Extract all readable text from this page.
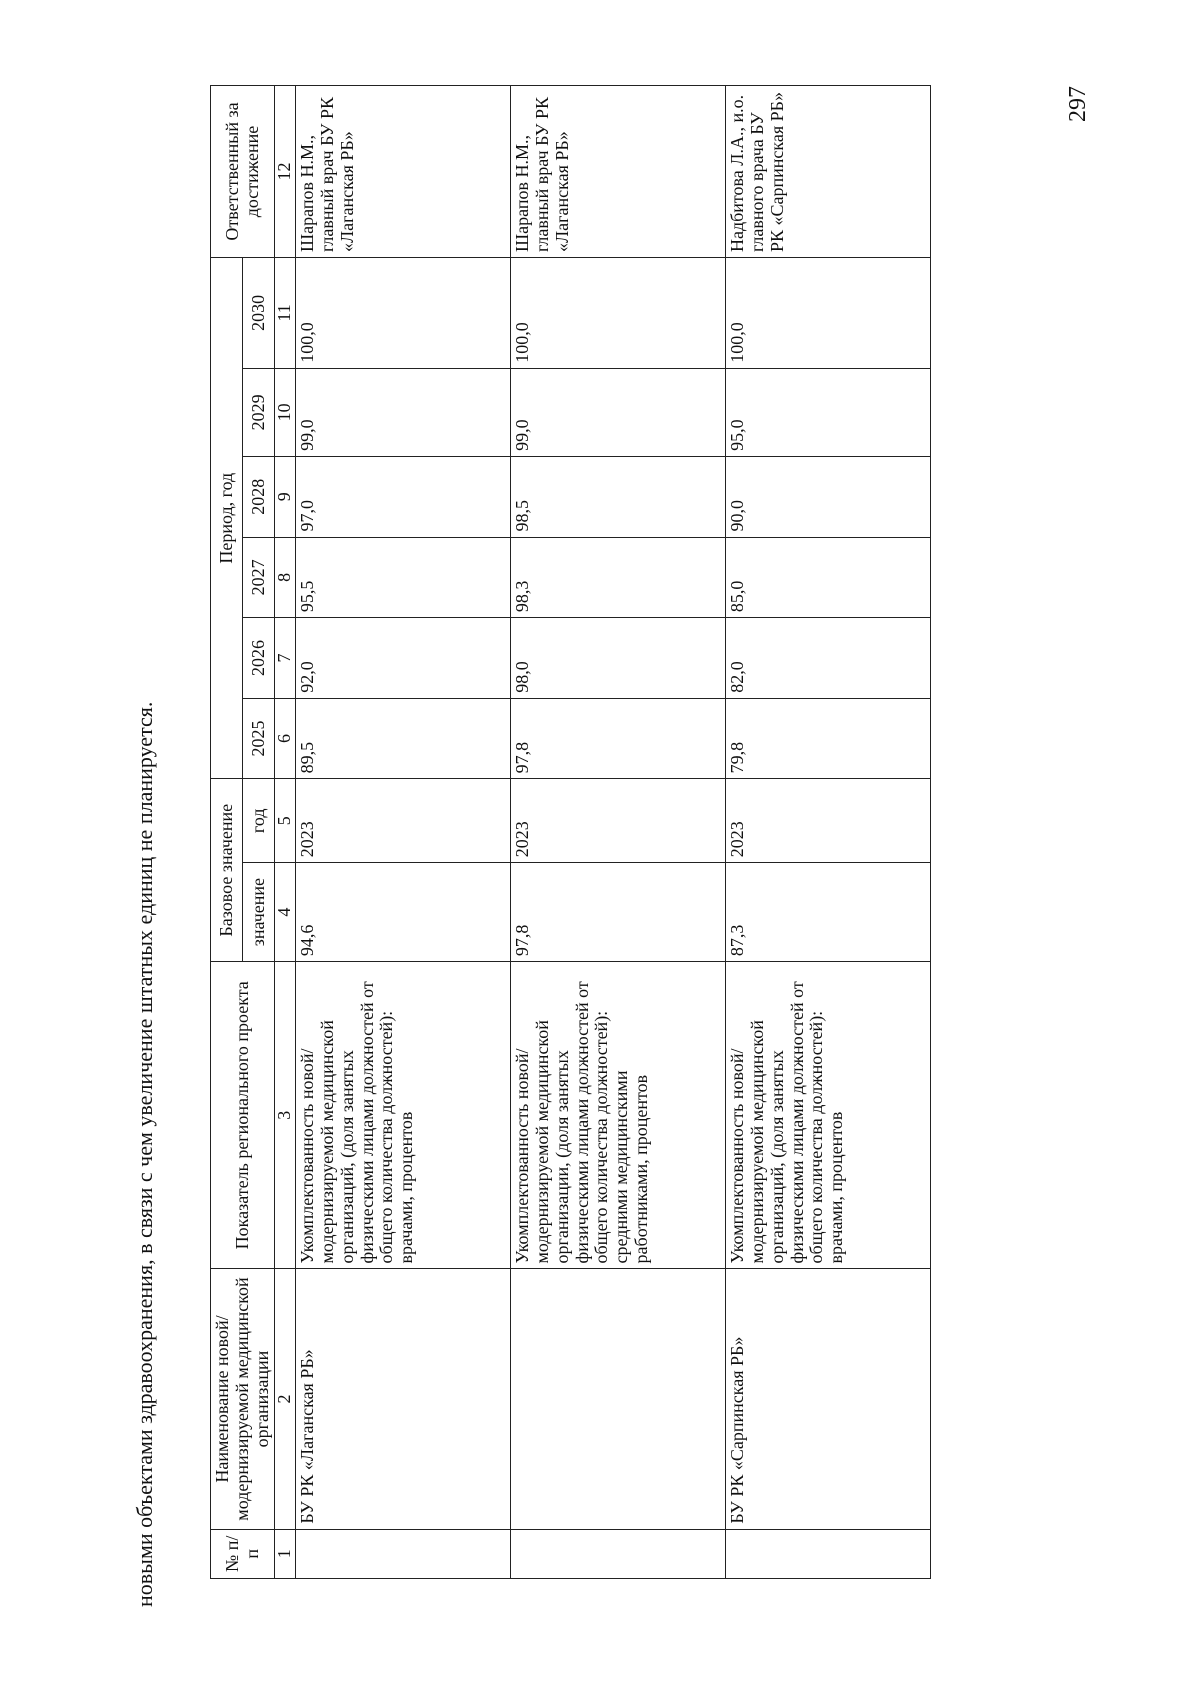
новыми объектами здравоохранения, в связи с чем увеличение штатных единиц не планируется.	№ п/п	Наименование новой/модернизируемой медицинской организации	Показатель регионального проекта	Базовое значение		Период, год						Ответственный за достижение
			значение	год	2025	2026	2027	2028	2029	2030	
1	2	3	4	5	6	7	8	9	10	11	12
	БУ РК «Лаганская РБ»	Укомплектованность новой/модернизируемой медицинской организаций, (доля занятых физическими лицами должностей от общего количества должностей): врачами, процентов	94,6	2023	89,5	92,0	95,5	97,0	99,0	100,0	Шарапов Н.М., главный врач БУ РК «Лаганская РБ»
		Укомплектованность новой/модернизируемой медицинской организации, (доля занятых физическими лицами должностей от общего количества должностей): средними медицинскими работниками, процентов	97,8	2023	97,8	98,0	98,3	98,5	99,0	100,0	Шарапов Н.М., главный врач БУ РК «Лаганская РБ»
	БУ РК «Сарпинская РБ»	Укомплектованность новой/модернизируемой медицинской организаций, (доля занятых физическими лицами должностей от общего количества должностей): врачами, процентов	87,3	2023	79,8	82,0	85,0	90,0	95,0	100,0	Надбитова Л.А., и.о. главного врача БУ РК «Сарпинская РБ»	297
